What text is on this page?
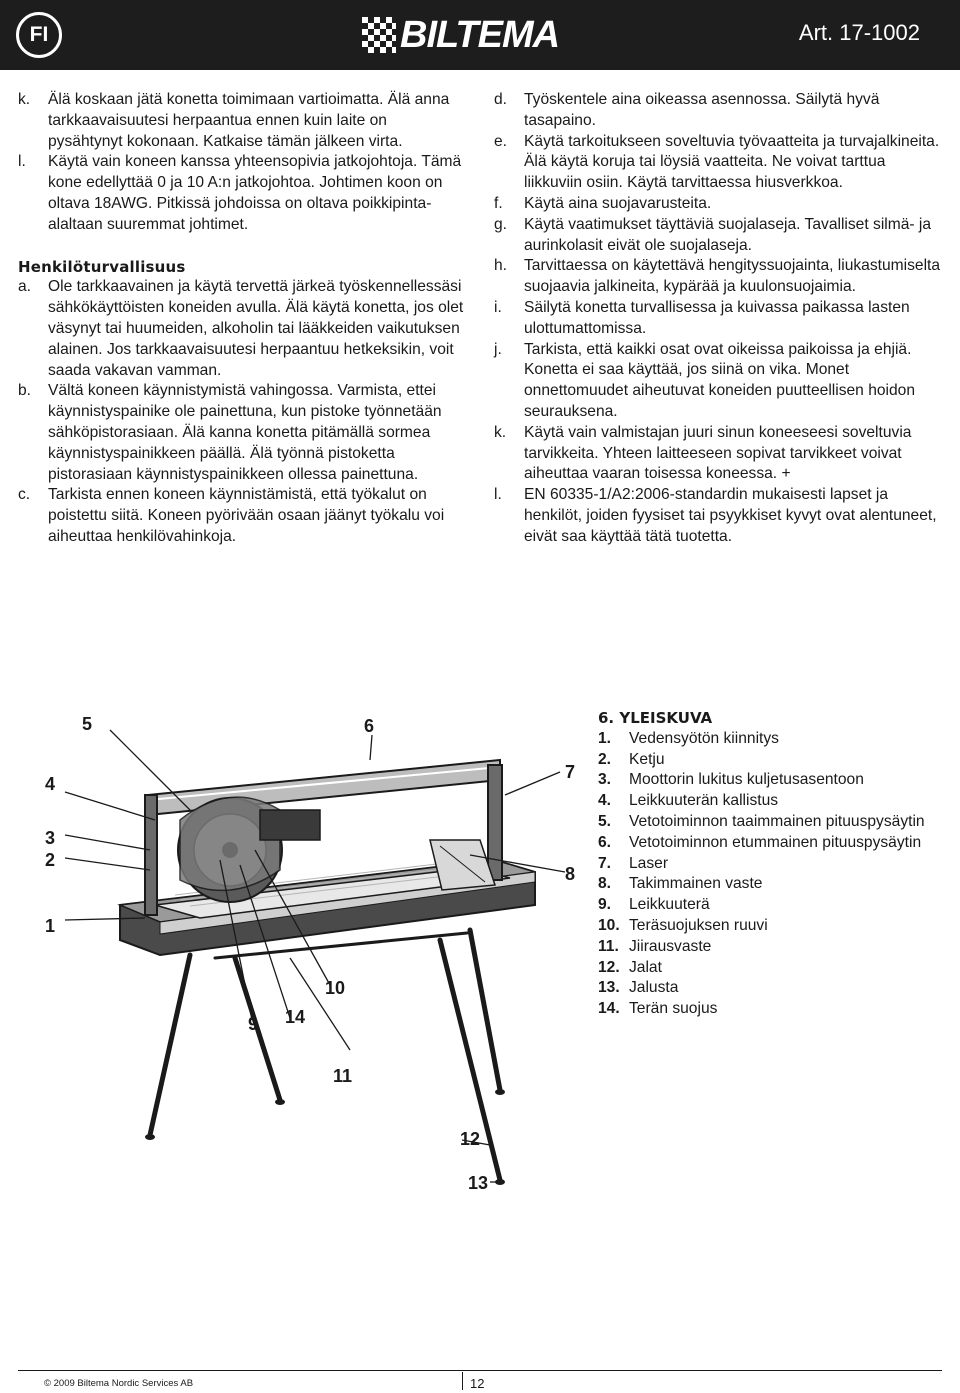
FI	BILTEMA	Art. 17-1002
k.	Älä koskaan jätä konetta toimimaan vartioimatta. Älä anna tarkkaavaisuutesi herpaantua ennen kuin laite on pysähtynyt kokonaan. Katkaise tämän jälkeen virta.
l.	Käytä vain koneen kanssa yhteensopivia jatkojohtoja. Tämä kone edellyttää 0 ja 10 A:n jatkojohtoa. Johtimen koon on oltava 18AWG. Pitkissä johdoissa on oltava poikkipinta-alaltaan suuremmat johtimet.
Henkilöturvallisuus
a.	Ole tarkkaavainen ja käytä tervettä järkeä työskennellessäsi sähkökäyttöisten koneiden avulla. Älä käytä konetta, jos olet väsynyt tai huumeiden, alkoholin tai lääkkeiden vaikutuksen alainen. Jos tarkkaavaisuutesi herpaantuu hetkeksikin, voit saada vakavan vamman.
b.	Vältä koneen käynnistymistä vahingossa. Varmista, ettei käynnistyspainike ole painettuna, kun pistoke työnnetään sähköpistorasiaan. Älä kanna konetta pitämällä sormea käynnistyspainikkeen päällä. Älä työnnä pistoketta pistorasiaan käynnistyspainikkeen ollessa painettuna.
c.	Tarkista ennen koneen käynnistämistä, että työkalut on poistettu siitä. Koneen pyörivään osaan jäänyt työkalu voi aiheuttaa henkilövahinkoja.
d.	Työskentele aina oikeassa asennossa. Säilytä hyvä tasapaino.
e.	Käytä tarkoitukseen soveltuvia työvaatteita ja turvajalkineita. Älä käytä koruja tai löysiä vaatteita. Ne voivat tarttua liikkuviin osiin. Käytä tarvittaessa hiusverkkoa.
f.	Käytä aina suojavarusteita.
g.	Käytä vaatimukset täyttäviä suojalaseja. Tavalliset silmä- ja aurinkolasit eivät ole suojalaseja.
h.	Tarvittaessa on käytettävä hengityssuojainta, liukastumiselta suojaavia jalkineita, kypärää ja kuulonsuojaimia.
i.	Säilytä konetta turvallisessa ja kuivassa paikassa lasten ulottumattomissa.
j.	Tarkista, että kaikki osat ovat oikeissa paikoissa ja ehjiä. Konetta ei saa käyttää, jos siinä on vika. Monet onnettomuudet aiheutuvat koneiden puutteellisen hoidon seurauksena.
k.	Käytä vain valmistajan juuri sinun koneeseesi soveltuvia tarvikkeita. Yhteen laitteeseen sopivat tarvikkeet voivat aiheuttaa vaaran toisessa koneessa. +
l.	EN 60335-1/A2:2006-standardin mukaisesti lapset ja henkilöt, joiden fyysiset tai psyykkiset kyvyt ovat alentuneet, eivät saa käyttää tätä tuotetta.
1
2
3
4
5	6
7
8
9
10
11
12
13
14
6. YLEISKUVA
1.	Vedensyötön kiinnitys
2.	Ketju
3.	Moottorin lukitus kuljetusasentoon
4.	Leikkuuterän kallistus
5.	Vetotoiminnon taaimmainen pituuspysäytin
6.	Vetotoiminnon etummainen pituuspysäytin
7.	Laser
8.	Takimmainen vaste
9.	Leikkuuterä
10. Teräsuojuksen ruuvi
11. Jiirausvaste
12. Jalat
13. Jalusta
14. Terän suojus
© 2009 Biltema Nordic Services AB	12
